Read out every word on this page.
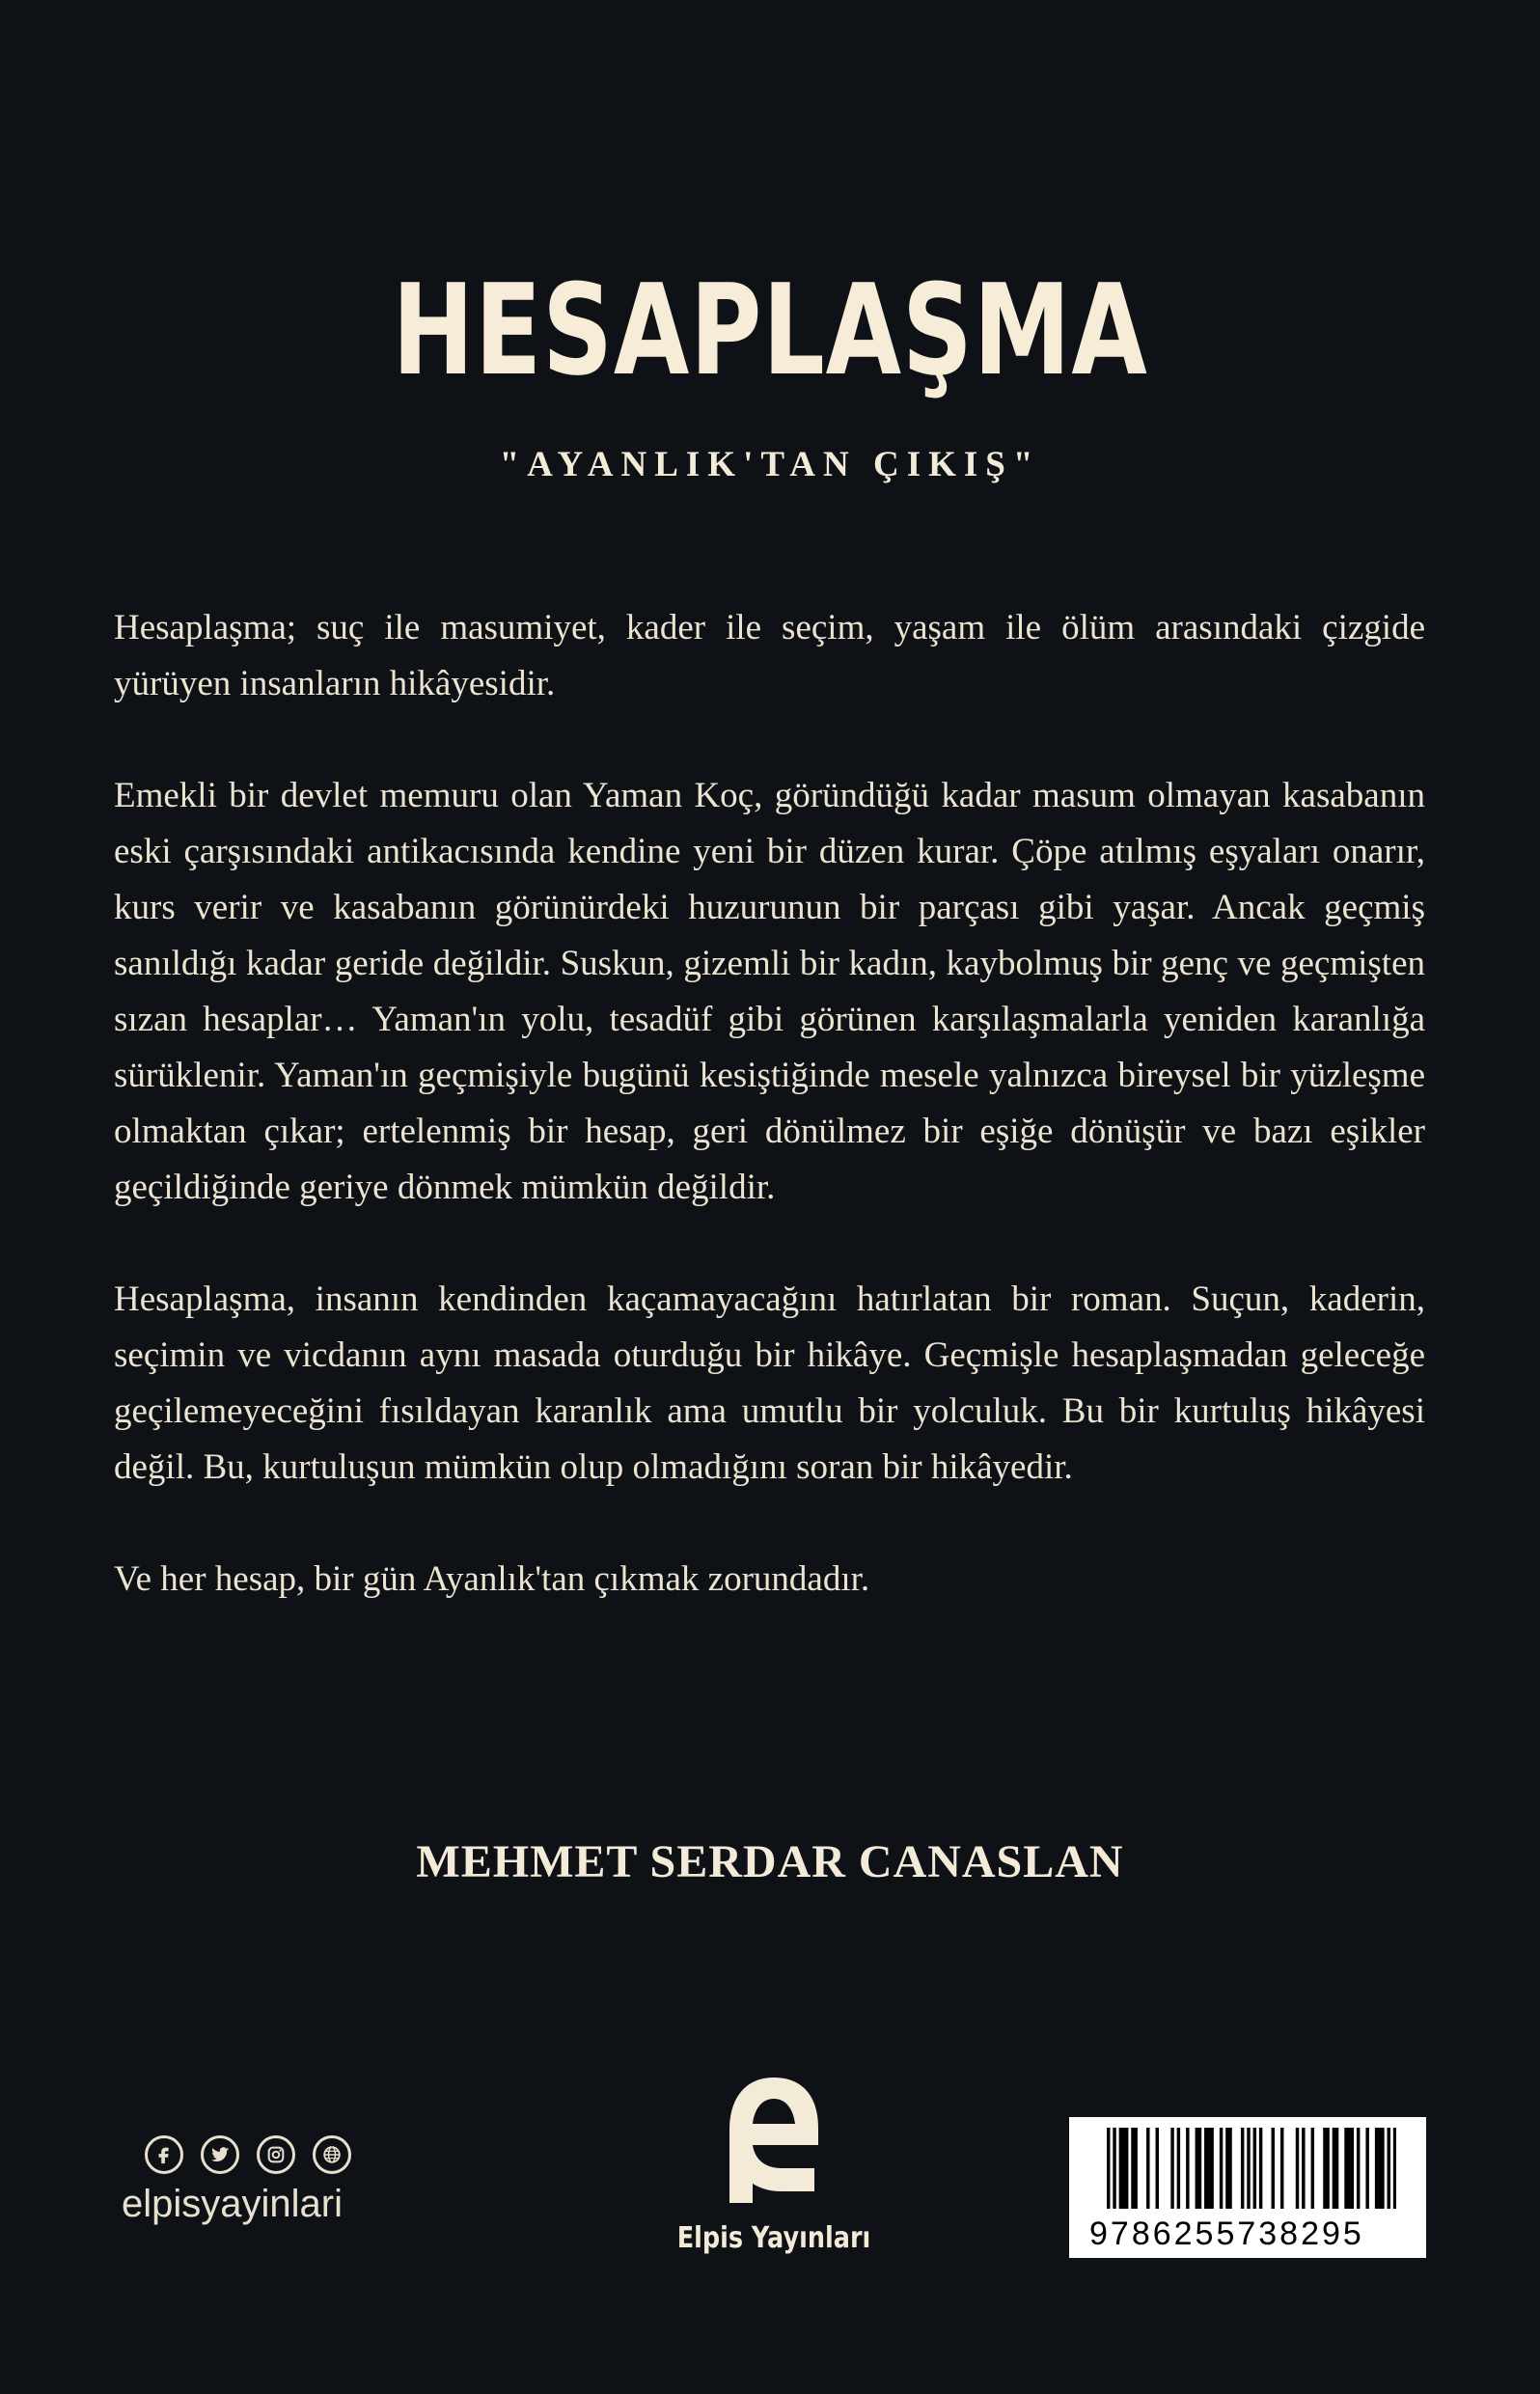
HESAPLAŞMA
"AYANLIK'TAN ÇIKIŞ"

Hesaplaşma; suç ile masumiyet, kader ile seçim, yaşam ile ölüm arasındaki çizgide yürüyen insanların hikâyesidir.

Emekli bir devlet memuru olan Yaman Koç, göründüğü kadar masum olmayan kasabanın eski çarşısındaki antikacısında kendine yeni bir düzen kurar. Çöpe atılmış eşyaları onarır, kurs verir ve kasabanın görünürdeki huzurunun bir parçası gibi yaşar. Ancak geçmiş sanıldığı kadar geride değildir. Suskun, gizemli bir kadın, kaybolmuş bir genç ve geçmişten sızan hesaplar… Yaman'ın yolu, tesadüf gibi görünen karşılaşmalarla yeniden karanlığa sürüklenir. Yaman'ın geçmişiyle bugünü kesiştiğinde mesele yalnızca bireysel bir yüzleşme olmaktan çıkar; ertelenmiş bir hesap, geri dönülmez bir eşiğe dönüşür ve bazı eşikler geçildiğinde geriye dönmek mümkün değildir.

Hesaplaşma, insanın kendinden kaçamayacağını hatırlatan bir roman. Suçun, kaderin, seçimin ve vicdanın aynı masada oturduğu bir hikâye. Geçmişle hesaplaşmadan geleceğe geçilemeyeceğini fısıldayan karanlık ama umutlu bir yolculuk. Bu bir kurtuluş hikâyesi değil. Bu, kurtuluşun mümkün olup olmadığını soran bir hikâyedir.

Ve her hesap, bir gün Ayanlık'tan çıkmak zorundadır.

MEHMET SERDAR CANASLAN
elpisyayinlari
Elpis Yayınları	9786255738295
